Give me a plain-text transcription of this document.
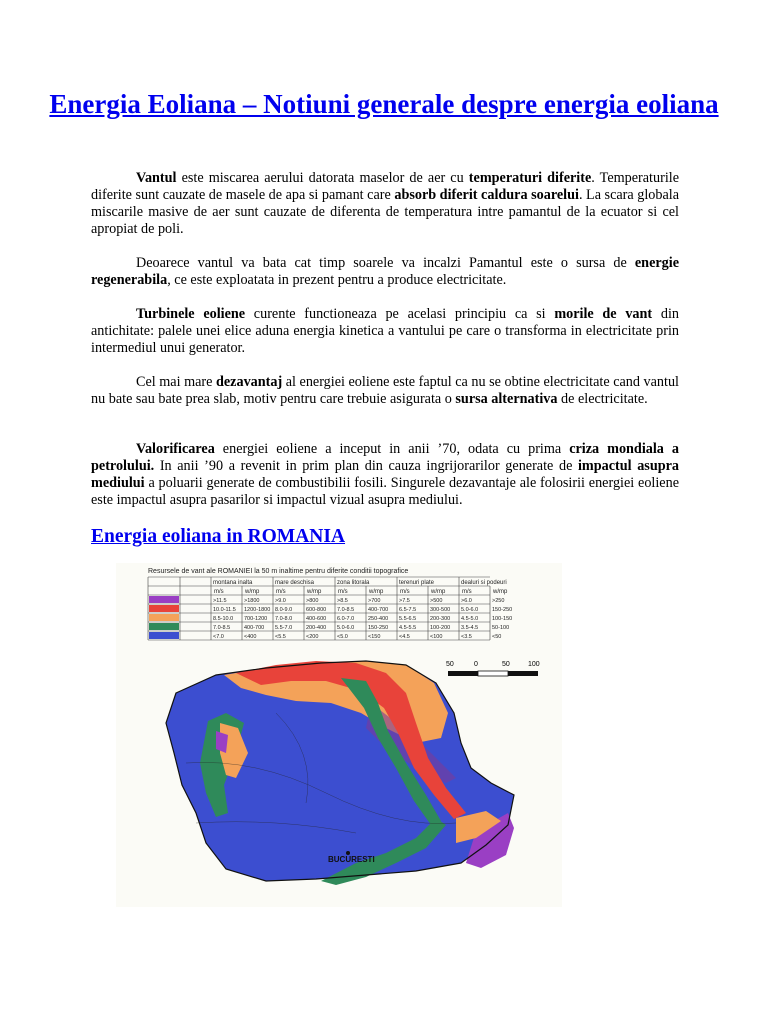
Energia Eoliana – Notiuni generale despre energia eoliana

Vantul este miscarea aerului datorata maselor de aer cu temperaturi diferite. Temperaturile diferite sunt cauzate de masele de apa si pamant care absorb diferit caldura soarelui. La scara globala miscarile masive de aer sunt cauzate de diferenta de temperatura intre pamantul de la ecuator si cel apropiat de poli.

Deoarece vantul va bata cat timp soarele va incalzi Pamantul este o sursa de energie regenerabila, ce este exploatata in prezent pentru a produce electricitate.

Turbinele eoliene curente functioneaza pe acelasi principiu ca si morile de vant din antichitate: palele unei elice aduna energia kinetica a vantului pe care o transforma in electricitate prin intermediul unui generator.

Cel mai mare dezavantaj al energiei eoliene este faptul ca nu se obtine electricitate cand vantul nu bate sau bate prea slab, motiv pentru care trebuie asigurata o sursa alternativa de electricitate.

Valorificarea energiei eoliene a inceput in anii ’70, odata cu prima criza mondiala a petrolului. In anii ’90 a revenit in prim plan din cauza ingrijorarilor generate de impactul asupra mediului a poluarii generate de combustibilii fosili. Singurele dezavantaje ale folosirii energiei eoliene este impactul asupra pasarilor si impactul vizual asupra mediului.

Energia eoliana in ROMANIA
Resursele de vant ale ROMANIEI la 50 m inaltime pentru diferite conditii topografice
montana inalta	mare deschisa	zona litorala	terenuri plate	dealuri si podeuri
m/s	w/mp	m/s	w/mp	m/s	w/mp	m/s	w/mp	m/s	w/mp
>11.5	>1800	>9.0	>800	>8.5	>700	>7.5	>500	>6.0	>250
10.0-11.5 1200-1800 8.0-9.0	600-800 7.0-8.5	400-700 6.5-7.5	300-500 5.0-6.0	150-250
8.5-10.0 700-1200 7.0-8.0	400-600 6.0-7.0	250-400 5.5-6.5	200-300 4.5-5.0	100-150
7.0-8.5	400-700 5.5-7.0	200-400 5.0-6.0	150-250 4.5-5.5	100-200 3.5-4.5	50-100
<7.0	<400	<5.5	<200	<5.0	<150	<4.5	<100	<3.5	<50
50	0	50	100
BUCURESTI
